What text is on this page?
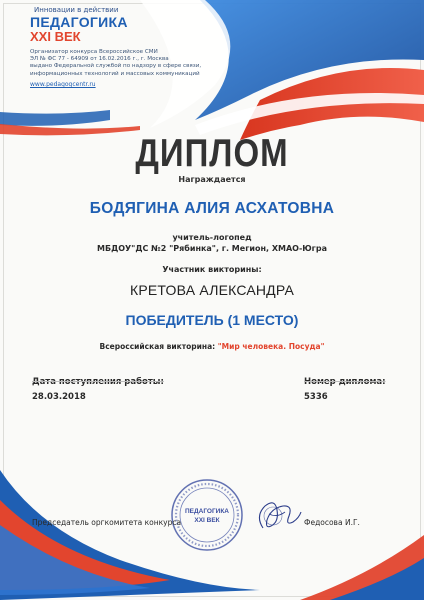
Инновации в действии
ПЕДАГОГИКА
XXI ВЕК
Организатор конкурса Всероссийское СМИ
ЭЛ № ФС 77 - 64909 от 16.02.2016 г., г. Москва
выдано Федеральной службой по надзору в сфере связи,
информационных технологий и массовых коммуникаций
www.pedagogcentr.ru
ДИПЛОМ
Награждается
БОДЯГИНА АЛИЯ АСХАТОВНА
учитель-логопед
МБДОУ"ДС №2 "Рябинка", г. Мегион, ХМАО-Югра
Участник викторины:
КРЕТОВА АЛЕКСАНДРА
ПОБЕДИТЕЛЬ (1 МЕСТО)
Всероссийская викторина: "Мир человека. Посуда"
Дата поступления работы:
28.03.2018
Номер диплома:
5336
ПЕДАГОГИКА
XXI ВЕК
Председатель оргкомитета конкурса	Федосова И.Г.
